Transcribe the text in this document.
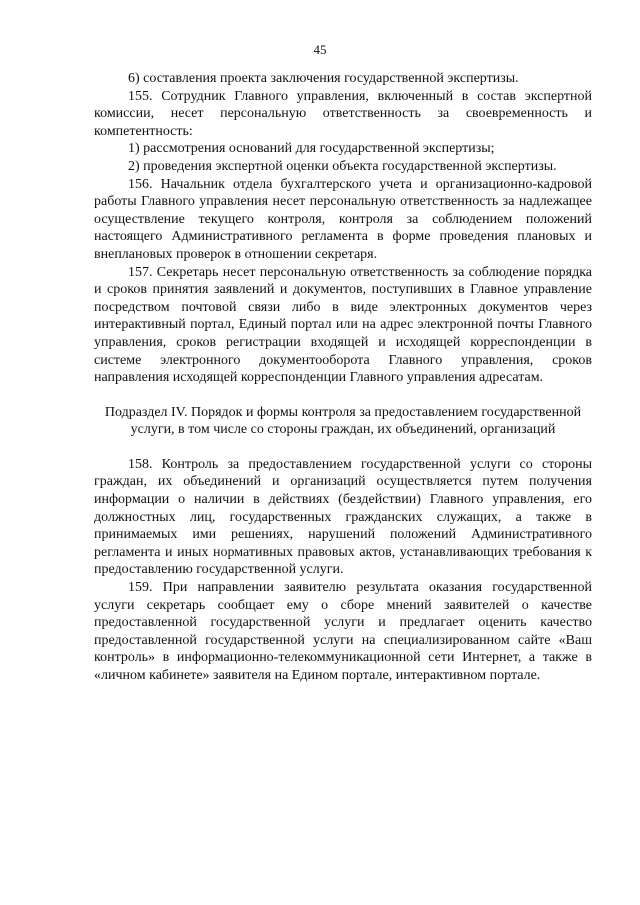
45

6) составления проекта заключения государственной экспертизы.

155. Сотрудник Главного управления, включенный в состав экспертной комиссии, несет персональную ответственность за своевременность и компетентность:

1) рассмотрения оснований для государственной экспертизы;

2) проведения экспертной оценки объекта государственной экспертизы.

156. Начальник отдела бухгалтерского учета и организационно-кадровой работы Главного управления несет персональную ответственность за надлежащее осуществление текущего контроля, контроля за соблюдением положений настоящего Административного регламента в форме проведения плановых и внеплановых проверок в отношении секретаря.

157. Секретарь несет персональную ответственность за соблюдение порядка и сроков принятия заявлений и документов, поступивших в Главное управление посредством почтовой связи либо в виде электронных документов через интерактивный портал, Единый портал или на адрес электронной почты Главного управления, сроков регистрации входящей и исходящей корреспонденции в системе электронного документооборота Главного управления, сроков направления исходящей корреспонденции Главного управления адресатам.

Подраздел IV. Порядок и формы контроля за предоставлением государственной услуги, в том числе со стороны граждан, их объединений, организаций

158. Контроль за предоставлением государственной услуги со стороны граждан, их объединений и организаций осуществляется путем получения информации о наличии в действиях (бездействии) Главного управления, его должностных лиц, государственных гражданских служащих, а также в принимаемых ими решениях, нарушений положений Административного регламента и иных нормативных правовых актов, устанавливающих требования к предоставлению государственной услуги.

159. При направлении заявителю результата оказания государственной услуги секретарь сообщает ему о сборе мнений заявителей о качестве предоставленной государственной услуги и предлагает оценить качество предоставленной государственной услуги на специализированном сайте «Ваш контроль» в информационно-телекоммуникационной сети Интернет, а также в «личном кабинете» заявителя на Едином портале, интерактивном портале.
